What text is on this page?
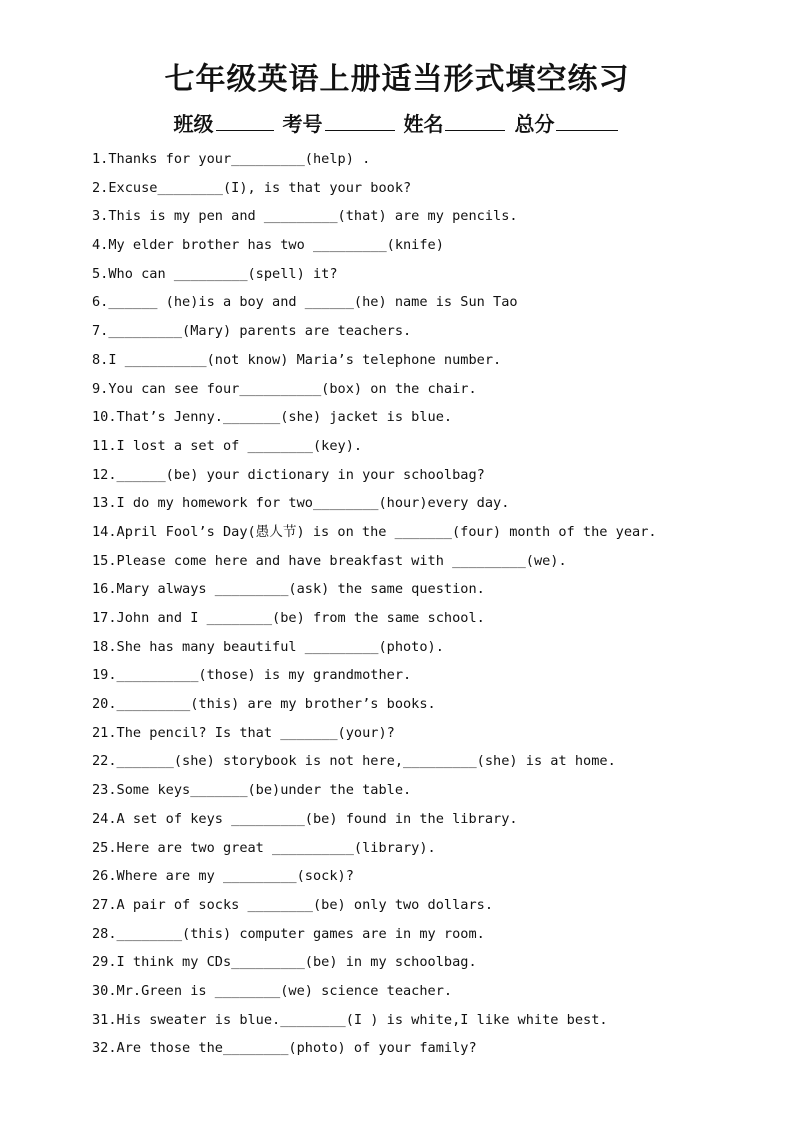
七年级英语上册适当形式填空练习
班级	考号	姓名	总分
1.Thanks for your_________(help) .
2.Excuse________(I), is that your book?
3.This is my pen and _________(that) are my pencils.
4.My elder brother has two _________(knife)
5.Who can _________(spell) it?
6.______ (he)is a boy and ______(he) name is Sun Tao
7._________(Mary) parents are teachers.
8.I __________(not know) Maria’s telephone number.
9.You can see four__________(box) on the chair.
10.That’s Jenny._______(she) jacket is blue.
11.I lost a set of ________(key).
12.______(be) your dictionary in your schoolbag?
13.I do my homework for two________(hour)every day.
14.April Fool’s Day(愚人节) is on the _______(four) month of the year.
15.Please come here and have breakfast with _________(we).
16.Mary always _________(ask) the same question.
17.John and I ________(be) from the same school.
18.She has many beautiful _________(photo).
19.__________(those) is my grandmother.
20._________(this) are my brother’s books.
21.The pencil? Is that _______(your)?
22._______(she) storybook is not here,_________(she) is at home.
23.Some keys_______(be)under the table.
24.A set of keys _________(be) found in the library.
25.Here are two great __________(library).
26.Where are my _________(sock)?
27.A pair of socks ________(be) only two dollars.
28.________(this) computer games are in my room.
29.I think my CDs_________(be) in my schoolbag.
30.Mr.Green is ________(we) science teacher.
31.His sweater is blue.________(I ) is white,I like white best.
32.Are those the________(photo) of your family?
